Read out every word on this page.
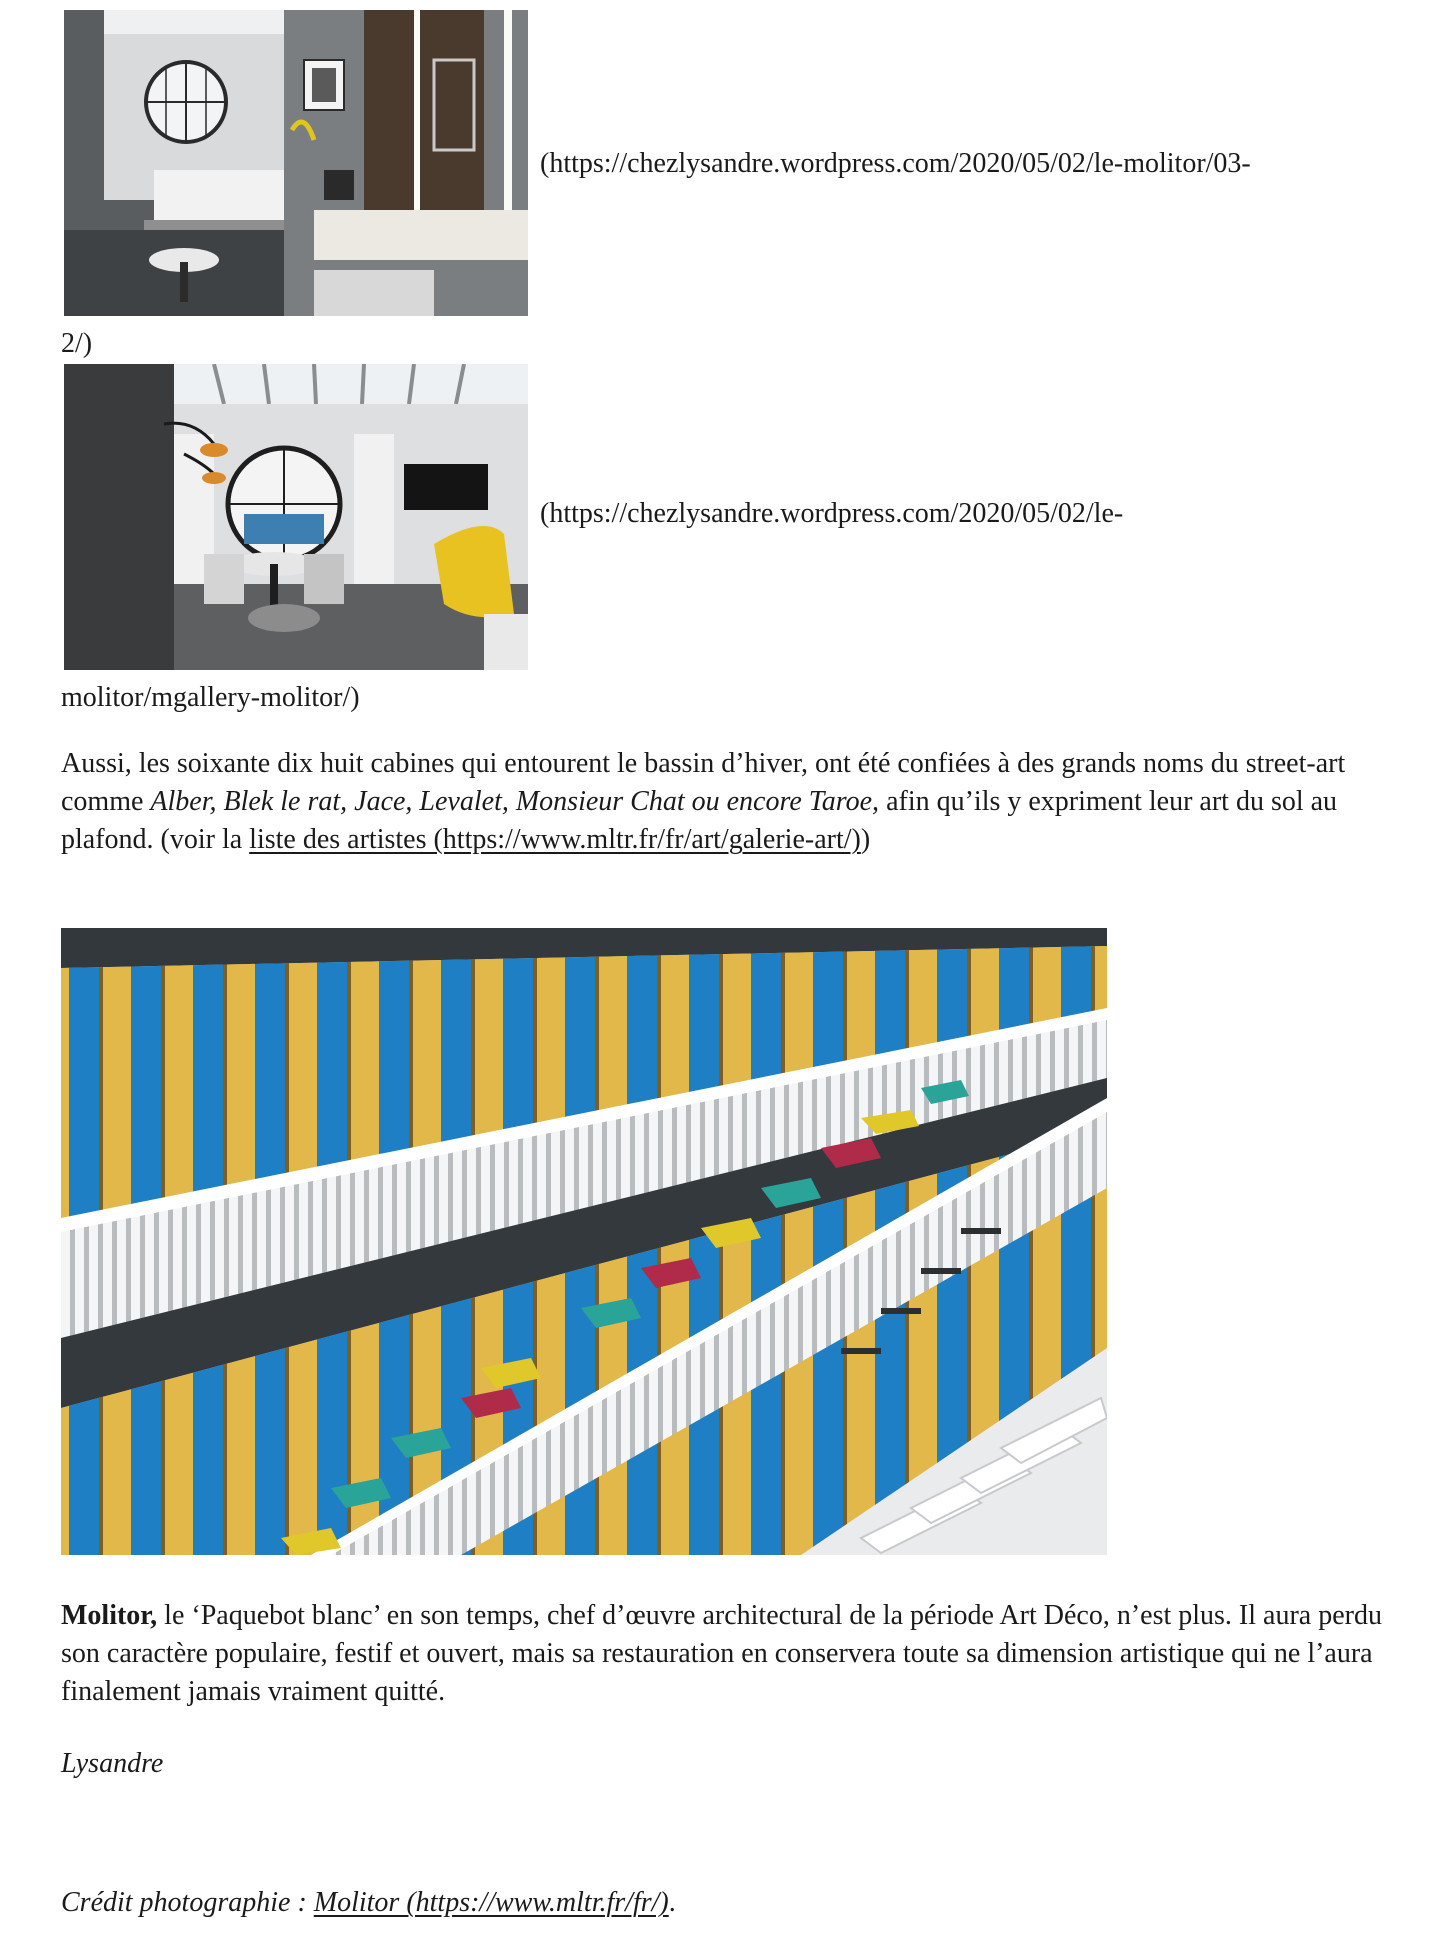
(https://chezlysandre.wordpress.com/2020/05/02/le-molitor/03-
2/)
(https://chezlysandre.wordpress.com/2020/05/02/le-
molitor/mgallery-molitor/)

Aussi, les soixante dix huit cabines qui entourent le bassin d’hiver, ont été confiées à des grands noms du street-art comme Alber, Blek le rat, Jace, Levalet, Monsieur Chat ou encore Taroe, afin qu’ils y expriment leur art du sol au plafond. (voir la liste des artistes (https://www.mltr.fr/fr/art/galerie-art/))

Molitor, le ‘Paquebot blanc’ en son temps, chef d’œuvre architectural de la période Art Déco, n’est plus. Il aura perdu son caractère populaire, festif et ouvert, mais sa restauration en conservera toute sa dimension artistique qui ne l’aura finalement jamais vraiment quitté.

Lysandre

Crédit photographie : Molitor (https://www.mltr.fr/fr/).
